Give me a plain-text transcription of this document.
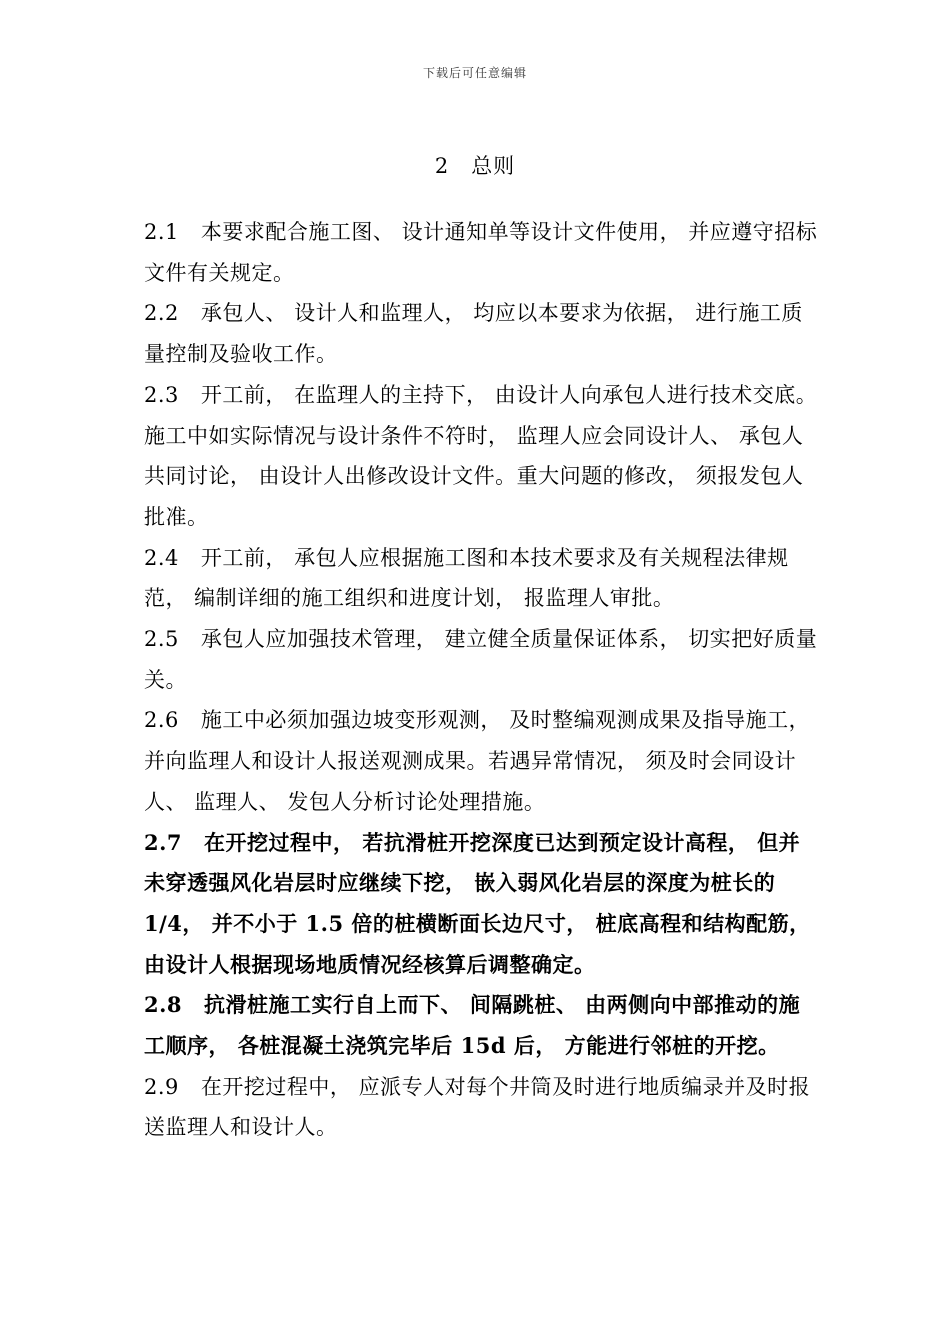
下载后可任意编辑
2 总则

2.1 本要求配合施工图、 设计通知单等设计文件使用， 并应遵守招标文件有关规定。

2.2 承包人、 设计人和监理人， 均应以本要求为依据， 进行施工质量控制及验收工作。

2.3 开工前， 在监理人的主持下， 由设计人向承包人进行技术交底。施工中如实际情况与设计条件不符时， 监理人应会同设计人、 承包人共同讨论， 由设计人出修改设计文件。重大问题的修改， 须报发包人批准。

2.4 开工前， 承包人应根据施工图和本技术要求及有关规程法律规范， 编制详细的施工组织和进度计划， 报监理人审批。

2.5 承包人应加强技术管理， 建立健全质量保证体系， 切实把好质量关。

2.6 施工中必须加强边坡变形观测， 及时整编观测成果及指导施工， 并向监理人和设计人报送观测成果。若遇异常情况， 须及时会同设计人、 监理人、 发包人分析讨论处理措施。

2.7 在开挖过程中， 若抗滑桩开挖深度已达到预定设计高程， 但并未穿透强风化岩层时应继续下挖， 嵌入弱风化岩层的深度为桩长的 1/4， 并不小于 1.5 倍的桩横断面长边尺寸， 桩底高程和结构配筋， 由设计人根据现场地质情况经核算后调整确定。

2.8 抗滑桩施工实行自上而下、 间隔跳桩、 由两侧向中部推动的施工顺序， 各桩混凝土浇筑完毕后 15d 后， 方能进行邻桩的开挖。

2.9 在开挖过程中， 应派专人对每个井筒及时进行地质编录并及时报送监理人和设计人。
